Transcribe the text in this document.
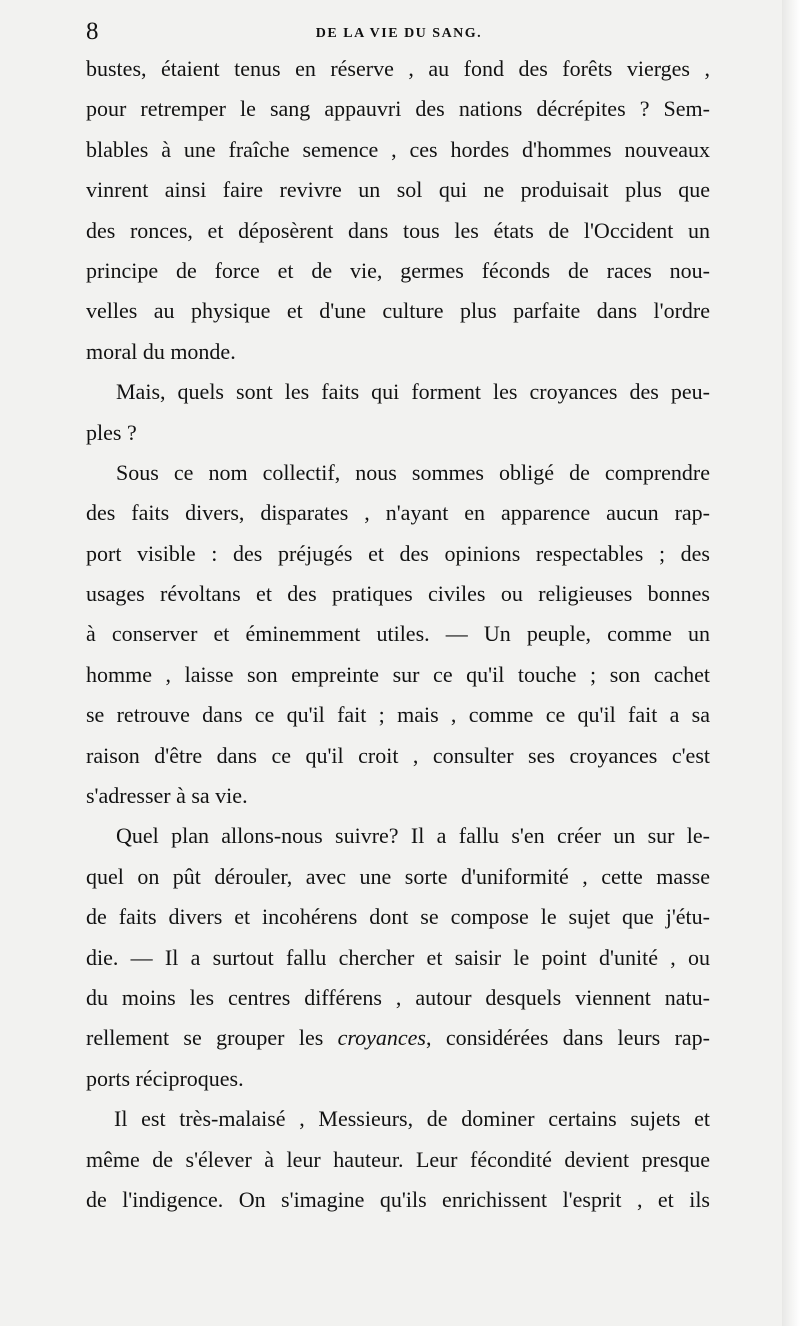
8	DE LA VIE DU SANG.
bustes, étaient tenus en réserve , au fond des forêts vierges ,
pour retremper le sang appauvri des nations décrépites ? Sem-
blables à une fraîche semence , ces hordes d'hommes nouveaux
vinrent ainsi faire revivre un sol qui ne produisait plus que
des ronces, et déposèrent dans tous les états de l'Occident un
principe de force et de vie, germes féconds de races nou-
velles au physique et d'une culture plus parfaite dans l'ordre
moral du monde.
Mais, quels sont les faits qui forment les croyances des peu-
ples ?
Sous ce nom collectif, nous sommes obligé de comprendre
des faits divers, disparates , n'ayant en apparence aucun rap-
port visible : des préjugés et des opinions respectables ; des
usages révoltans et des pratiques civiles ou religieuses bonnes
à conserver et éminemment utiles. — Un peuple, comme un
homme , laisse son empreinte sur ce qu'il touche ; son cachet
se retrouve dans ce qu'il fait ; mais , comme ce qu'il fait a sa
raison d'être dans ce qu'il croit , consulter ses croyances c'est
s'adresser à sa vie.
Quel plan allons-nous suivre? Il a fallu s'en créer un sur le-
quel on pût dérouler, avec une sorte d'uniformité , cette masse
de faits divers et incohérens dont se compose le sujet que j'étu-
die. — Il a surtout fallu chercher et saisir le point d'unité , ou
du moins les centres différens , autour desquels viennent natu-
rellement se grouper les croyances, considérées dans leurs rap-
ports réciproques.
Il est très-malaisé , Messieurs, de dominer certains sujets et
même de s'élever à leur hauteur. Leur fécondité devient presque
de l'indigence. On s'imagine qu'ils enrichissent l'esprit , et ils
